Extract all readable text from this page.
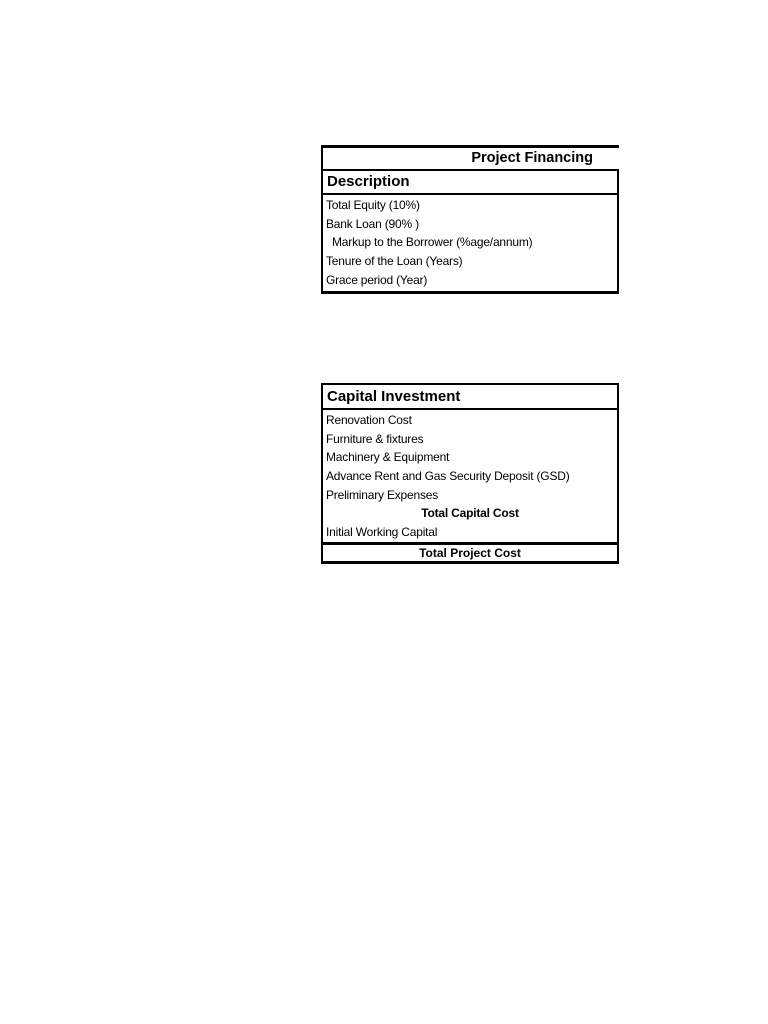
Project Financing
Description
Total Equity (10%)
Bank Loan (90% )
Markup to the Borrower (%age/annum)
Tenure of the Loan (Years)
Grace period (Year)
Capital Investment
Renovation Cost
Furniture & fixtures
Machinery & Equipment
Advance Rent and Gas Security Deposit (GSD)
Preliminary Expenses
Total Capital Cost
Initial Working Capital
Total Project Cost
